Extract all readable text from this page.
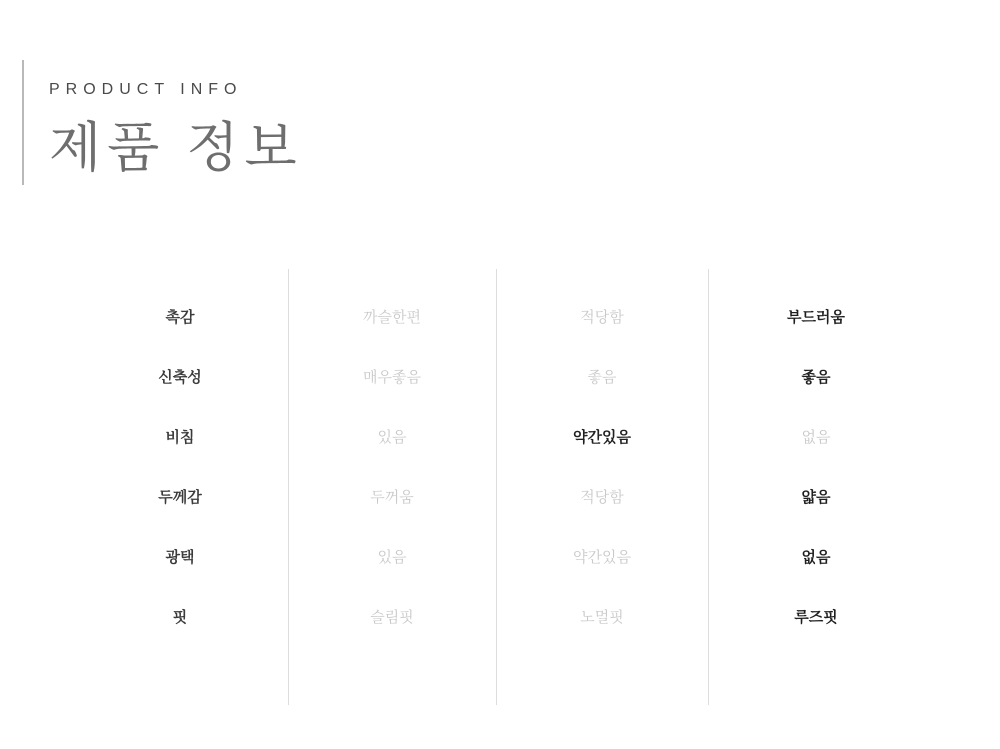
PRODUCT INFO
제품 정보
촉감
신축성
비침
두께감
광택
핏
까슬한편
매우좋음
있음
두꺼움
있음
슬림핏
적당함
좋음
약간있음
적당함
약간있음
노멀핏
부드러움
좋음
없음
얇음
없음
루즈핏
